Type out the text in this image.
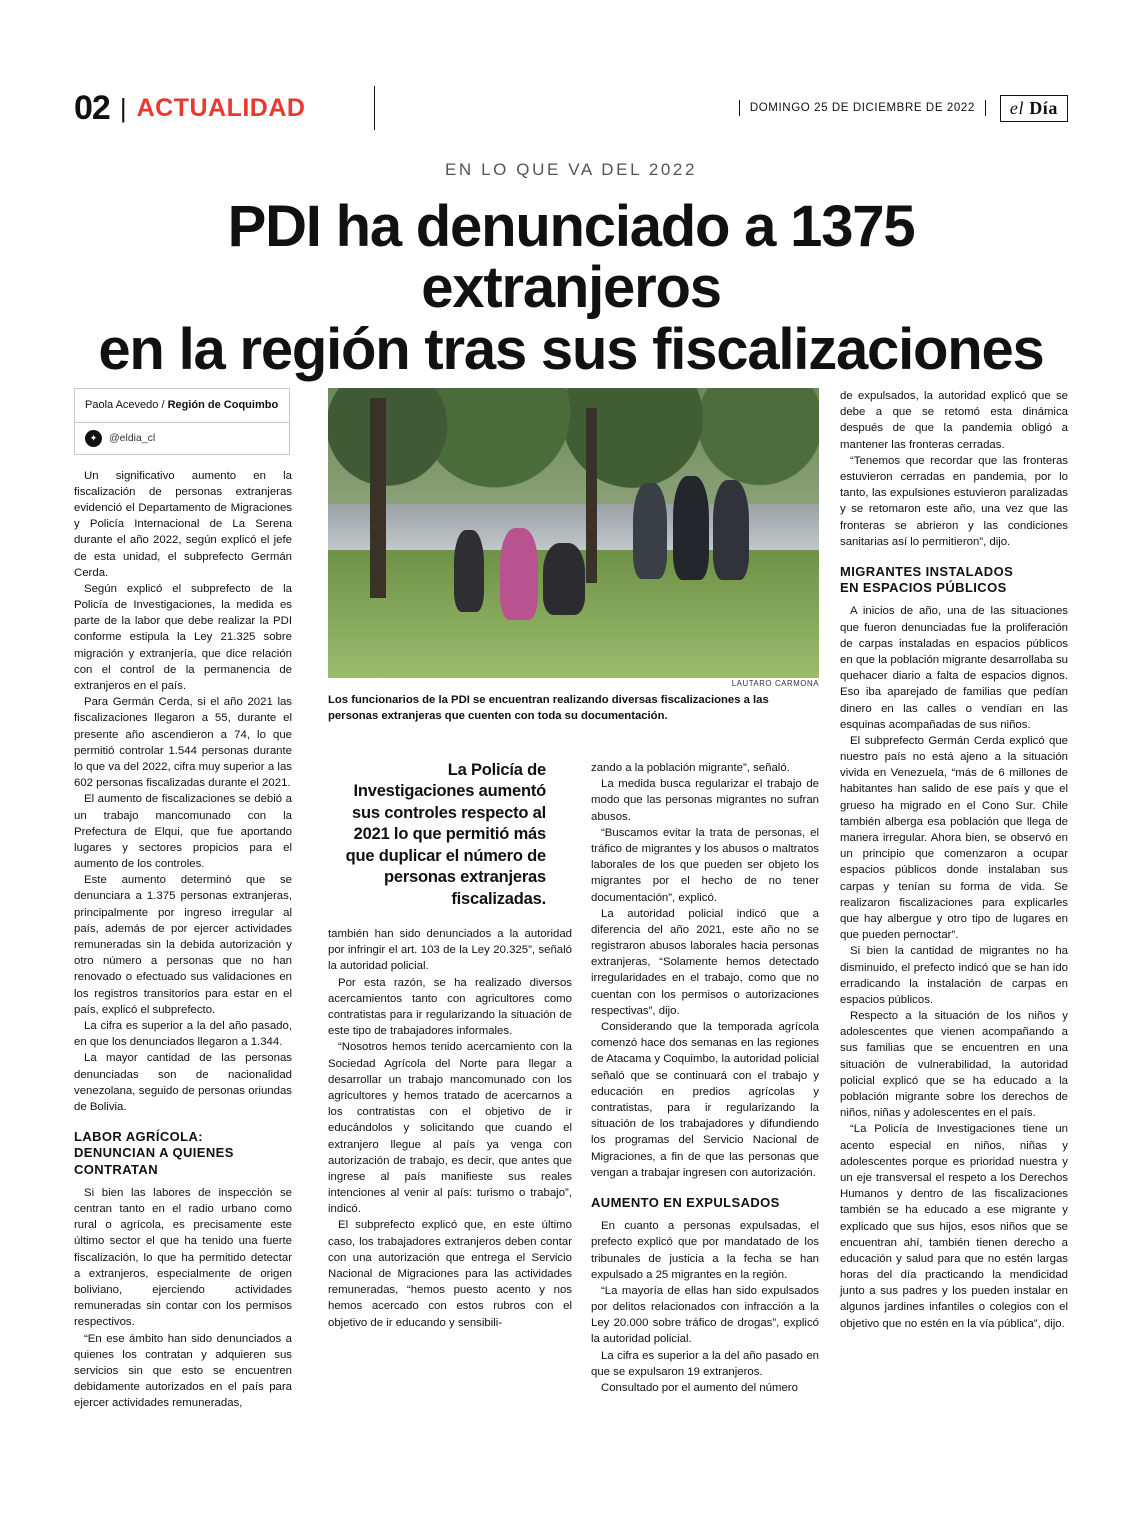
02 | ACTUALIDAD	DOMINGO 25 DE DICIEMBRE DE 2022	el Día
EN LO QUE VA DEL 2022
PDI ha denunciado a 1375 extranjeros
en la región tras sus fiscalizaciones
LAUTARO CARMONA
Los funcionarios de la PDI se encuentran realizando diversas fiscalizaciones a las personas extranjeras que cuenten con toda su documentación.
Paola Acevedo / Región de Coquimbo
✦	@eldia_cl

Un significativo aumento en la fiscalización de personas extranjeras evidenció el Departamento de Migraciones y Policía Internacional de La Serena durante el año 2022, según explicó el jefe de esta unidad, el subprefecto Germán Cerda.

Según explicó el subprefecto de la Policía de Investigaciones, la medida es parte de la labor que debe realizar la PDI conforme estipula la Ley 21.325 sobre migración y extranjería, que dice relación con el control de la permanencia de extranjeros en el país.

Para Germán Cerda, si el año 2021 las fiscalizaciones llegaron a 55, durante el presente año ascendieron a 74, lo que permitió controlar 1.544 personas durante lo que va del 2022, cifra muy superior a las 602 personas fiscalizadas durante el 2021.

El aumento de fiscalizaciones se debió a un trabajo mancomunado con la Prefectura de Elqui, que fue aportando lugares y sectores propicios para el aumento de los controles.

Este aumento determinó que se denunciara a 1.375 personas extranjeras, principalmente por ingreso irregular al país, además de por ejercer actividades remuneradas sin la debida autorización y otro número a personas que no han renovado o efectuado sus validaciones en los registros transitorios para estar en el país, explicó el subprefecto.

La cifra es superior a la del año pasado, en que los denunciados llegaron a 1.344.

La mayor cantidad de las personas denunciadas son de nacionalidad venezolana, seguido de personas oriundas de Bolivia.

LABOR AGRÍCOLA:
DENUNCIAN A QUIENES CONTRATAN

Si bien las labores de inspección se centran tanto en el radio urbano como rural o agrícola, es precisamente este último sector el que ha tenido una fuerte fiscalización, lo que ha permitido detectar a extranjeros, especialmente de origen boliviano, ejerciendo actividades remuneradas sin contar con los permisos respectivos.

“En ese ámbito han sido denunciados a quienes los contratan y adquieren sus servicios sin que esto se encuentren debidamente autorizados en el país para ejercer actividades remuneradas,

La Policía de Investigaciones aumentó sus controles respecto al 2021 lo que permitió más que duplicar el número de personas extranjeras fiscalizadas.

también han sido denunciados a la autoridad por infringir el art. 103 de la Ley 20.325”, señaló la autoridad policial.

Por esta razón, se ha realizado diversos acercamientos tanto con agricultores como contratistas para ir regularizando la situación de este tipo de trabajadores informales.

“Nosotros hemos tenido acercamiento con la Sociedad Agrícola del Norte para llegar a desarrollar un trabajo mancomunado con los agricultores y hemos tratado de acercarnos a los contratistas con el objetivo de ir educándolos y solicitando que cuando el extranjero llegue al país ya venga con autorización de trabajo, es decir, que antes que ingrese al país manifieste sus reales intenciones al venir al país: turismo o trabajo”, indicó.

El subprefecto explicó que, en este último caso, los trabajadores extranjeros deben contar con una autorización que entrega el Servicio Nacional de Migraciones para las actividades remuneradas, “hemos puesto acento y nos hemos acercado con estos rubros con el objetivo de ir educando y sensibili-

zando a la población migrante”, señaló.

La medida busca regularizar el trabajo de modo que las personas migrantes no sufran abusos.

“Buscamos evitar la trata de personas, el tráfico de migrantes y los abusos o maltratos laborales de los que pueden ser objeto los migrantes por el hecho de no tener documentación”, explicó.

La autoridad policial indicó que a diferencia del año 2021, este año no se registraron abusos laborales hacia personas extranjeras, “Solamente hemos detectado irregularidades en el trabajo, como que no cuentan con los permisos o autorizaciones respectivas”, dijo.

Considerando que la temporada agrícola comenzó hace dos semanas en las regiones de Atacama y Coquimbo, la autoridad policial señaló que se continuará con el trabajo y educación en predios agrícolas y contratistas, para ir regularizando la situación de los trabajadores y difundiendo los programas del Servicio Nacional de Migraciones, a fin de que las personas que vengan a trabajar ingresen con autorización.

AUMENTO EN EXPULSADOS

En cuanto a personas expulsadas, el prefecto explicó que por mandatado de los tribunales de justicia a la fecha se han expulsado a 25 migrantes en la región.

“La mayoría de ellas han sido expulsados por delitos relacionados con infracción a la Ley 20.000 sobre tráfico de drogas”, explicó la autoridad policial.

La cifra es superior a la del año pasado en que se expulsaron 19 extranjeros.

Consultado por el aumento del número

de expulsados, la autoridad explicó que se debe a que se retomó esta dinámica después de que la pandemia obligó a mantener las fronteras cerradas.

“Tenemos que recordar que las fronteras estuvieron cerradas en pandemia, por lo tanto, las expulsiones estuvieron paralizadas y se retomaron este año, una vez que las fronteras se abrieron y las condiciones sanitarias así lo permitieron”, dijo.

MIGRANTES INSTALADOS
EN ESPACIOS PÚBLICOS

A inicios de año, una de las situaciones que fueron denunciadas fue la proliferación de carpas instaladas en espacios públicos en que la población migrante desarrollaba su quehacer diario a falta de espacios dignos. Eso iba aparejado de familias que pedían dinero en las calles o vendían en las esquinas acompañadas de sus niños.

El subprefecto Germán Cerda explicó que nuestro país no está ajeno a la situación vivida en Venezuela, “más de 6 millones de habitantes han salido de ese país y que el grueso ha migrado en el Cono Sur. Chile también alberga esa población que llega de manera irregular. Ahora bien, se observó en un principio que comenzaron a ocupar espacios públicos donde instalaban sus carpas y tenían su forma de vida. Se realizaron fiscalizaciones para explicarles que hay albergue y otro tipo de lugares en que pueden pernoctar”.

Si bien la cantidad de migrantes no ha disminuido, el prefecto indicó que se han ido erradicando la instalación de carpas en espacios públicos.

Respecto a la situación de los niños y adolescentes que vienen acompañando a sus familias que se encuentren en una situación de vulnerabilidad, la autoridad policial explicó que se ha educado a la población migrante sobre los derechos de niños, niñas y adolescentes en el país.

“La Policía de Investigaciones tiene un acento especial en niños, niñas y adolescentes porque es prioridad nuestra y un eje transversal el respeto a los Derechos Humanos y dentro de las fiscalizaciones también se ha educado a ese migrante y explicado que sus hijos, esos niños que se encuentran ahí, también tienen derecho a educación y salud para que no estén largas horas del día practicando la mendicidad junto a sus padres y los pueden instalar en algunos jardines infantiles o colegios con el objetivo que no estén en la vía pública”, dijo.
